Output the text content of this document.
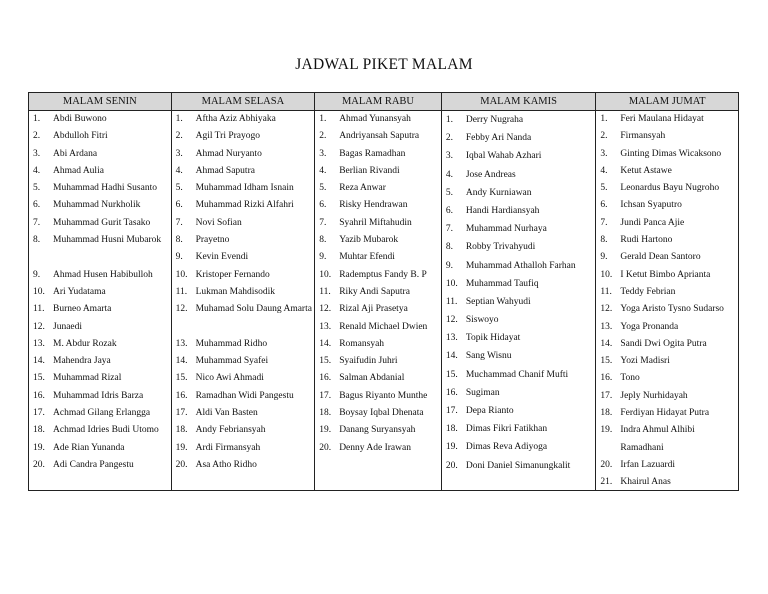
JADWAL PIKET MALAM
MALAM SENIN
1. Abdi Buwono
2. Abdulloh Fitri
3. Abi Ardana
4. Ahmad Aulia
5. Muhammad Hadhi Susanto
6. Muhammad Nurkholik
7. Muhammad Gurit Tasako
8. Muhammad Husni Mubarok
9. Ahmad Husen Habibulloh
10. Ari Yudatama
11. Burneo Amarta
12. Junaedi
13. M. Abdur Rozak
14. Mahendra Jaya
15. Muhammad Rizal
16. Muhammad Idris Barza
17. Achmad Gilang Erlangga
18. Achmad Idries Budi Utomo
19. Ade Rian Yunanda
20. Adi Candra Pangestu
MALAM SELASA
1. Aftha Aziz Abhiyaka
2. Agil Tri Prayogo
3. Ahmad Nuryanto
4. Ahmad Saputra
5. Muhammad Idham Isnain
6. Muhammad Rizki Alfahri
7. Novi Sofian
8. Prayetno
9. Kevin Evendi
10. Kristoper Fernando
11. Lukman Mahdisodik
12. Muhamad Solu Daung Amarta
13. Muhammad Ridho
14. Muhammad Syafei
15. Nico Awi Ahmadi
16. Ramadhan Widi Pangestu
17. Aldi Van Basten
18. Andy Febriansyah
19. Ardi Firmansyah
20. Asa Atho Ridho
MALAM RABU
1. Ahmad Yunansyah
2. Andriyansah Saputra
3. Bagas Ramadhan
4. Berlian Rivandi
5. Reza Anwar
6. Risky Hendrawan
7. Syahril Miftahudin
8. Yazib Mubarok
9. Muhtar Efendi
10. Rademptus Fandy B. P
11. Riky Andi Saputra
12. Rizal Aji Prasetya
13. Renald Michael Dwien
14. Romansyah
15. Syaifudin Juhri
16. Salman Abdanial
17. Bagus Riyanto Munthe
18. Boysay Iqbal Dhenata
19. Danang Suryansyah
20. Denny Ade Irawan
MALAM KAMIS
1. Derry Nugraha
2. Febby Ari Nanda
3. Iqbal Wahab Azhari
4. Jose Andreas
5. Andy Kurniawan
6. Handi Hardiansyah
7. Muhammad Nurhaya
8. Robby Trivahyudi
9. Muhammad Athalloh Farhan
10. Muhammad Taufiq
11. Septian Wahyudi
12. Siswoyo
13. Topik Hidayat
14. Sang Wisnu
15. Muchammad Chanif Mufti
16. Sugiman
17. Depa Rianto
18. Dimas Fikri Fatikhan
19. Dimas Reva Adiyoga
20. Doni Daniel Simanungkalit
MALAM JUMAT
1. Feri Maulana Hidayat
2. Firmansyah
3. Ginting Dimas Wicaksono
4. Ketut Astawe
5. Leonardus Bayu Nugroho
6. Ichsan Syaputro
7. Jundi Panca Ajie
8. Rudi Hartono
9. Gerald Dean Santoro
10. I Ketut Bimbo Aprianta
11. Teddy Febrian
12. Yoga Aristo Tysno Sudarso
13. Yoga Pronanda
14. Sandi Dwi Ogita Putra
15. Yozi Madisri
16. Tono
17. Jeply Nurhidayah
18. Ferdiyan Hidayat Putra
19. Indra Ahmul Alhibi Ramadhani
20. Irfan Lazuardi
21. Khairul Anas
